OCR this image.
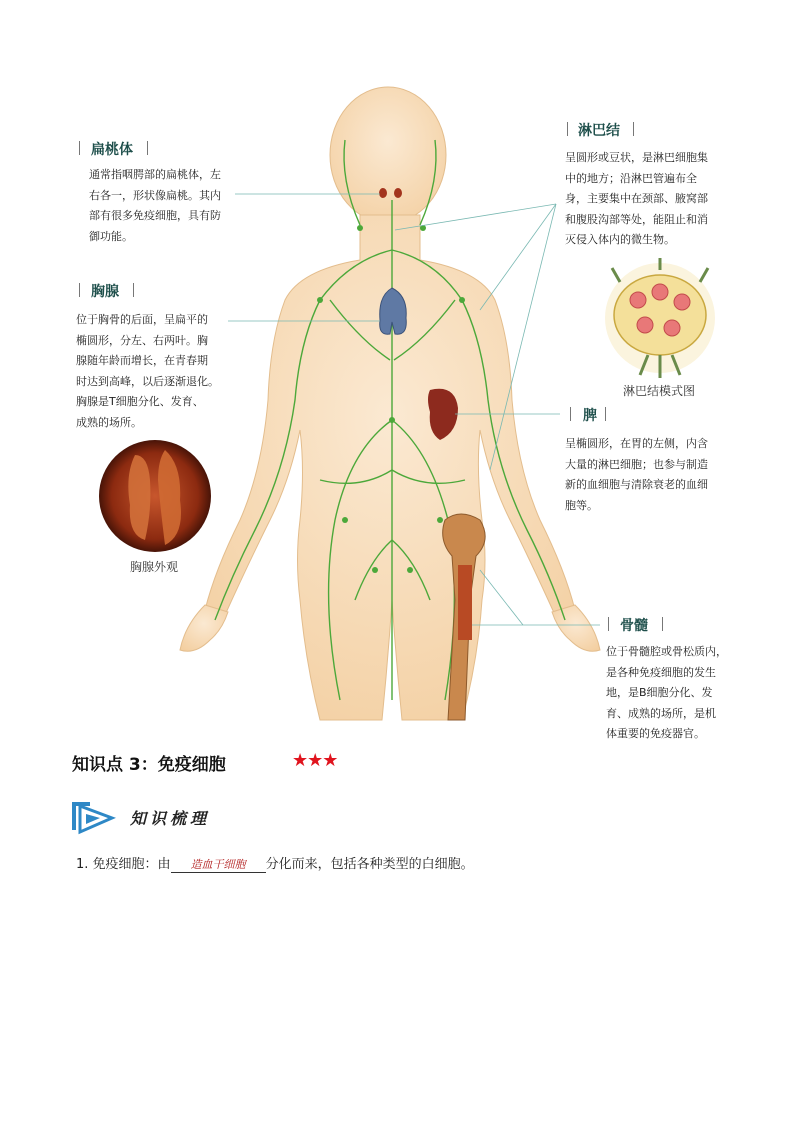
扁桃体
通常指咽腭部的扁桃体，左
右各一，形状像扁桃。其内
部有很多免疫细胞，具有防
御功能。
胸腺
位于胸骨的后面，呈扁平的
椭圆形，分左、右两叶。胸
腺随年龄而增长，在青春期
时达到高峰，以后逐渐退化。
胸腺是T细胞分化、发育、
成熟的场所。
胸腺外观
淋巴结
呈圆形或豆状，是淋巴细胞集
中的地方；沿淋巴管遍布全
身，主要集中在颈部、腋窝部
和腹股沟部等处，能阻止和消
灭侵入体内的微生物。
淋巴结模式图
脾
呈椭圆形，在胃的左侧，内含
大量的淋巴细胞；也参与制造
新的血细胞与清除衰老的血细
胞等。
骨髓
位于骨髓腔或骨松质内，
是各种免疫细胞的发生
地，是B细胞分化、发
育、成熟的场所，是机
体重要的免疫器官。
知识点 3：免疫细胞	★★★
知识梳理
1. 免疫细胞：由 造血干细胞 分化而来，包括各种类型的白细胞。
